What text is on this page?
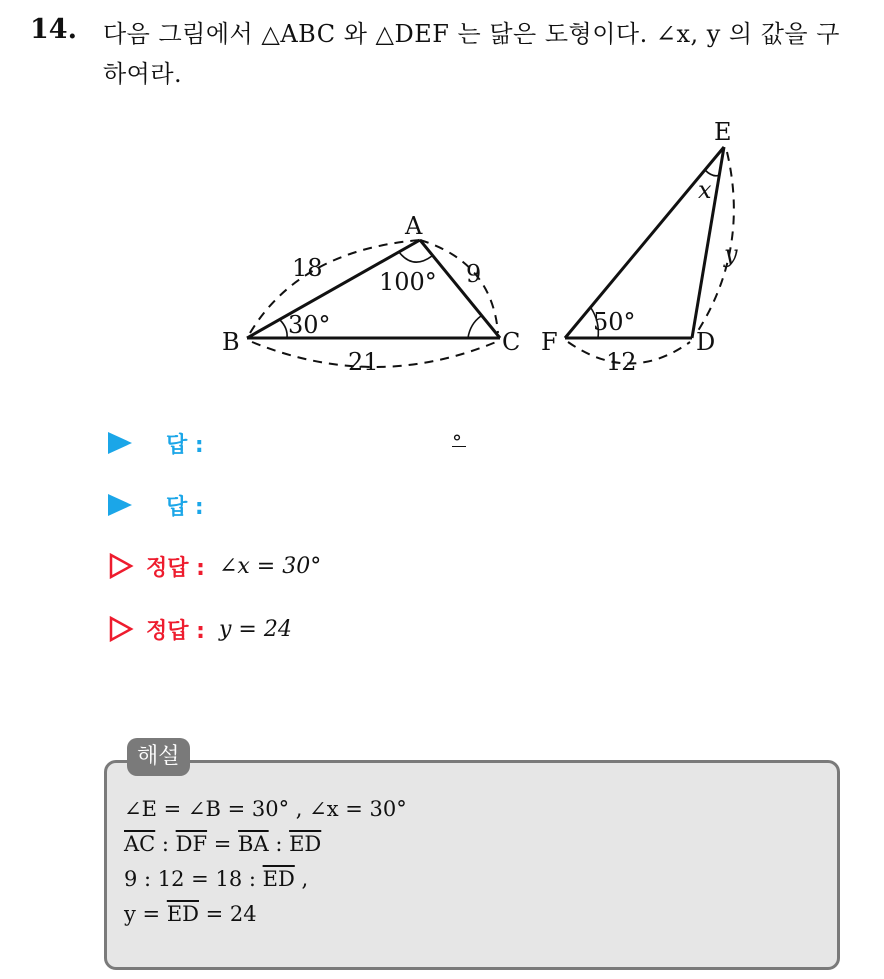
14. 다음 그림에서 △ABC 와 △DEF 는 닮은 도형이다. ∠x, y 의 값을 구하여라.
A
B	C
E
F	D
18	9
21
100°
30°
12
y
50°
x
답 :	°
답 :
정답 : ∠x = 30°
정답 : y = 24
해설
∠E = ∠B = 30° , ∠x = 30°
$\overline{AC}$ : $\overline{DF} = \overline{BA}$ : $\overline{ED}$
9 : 12 = 18 : $\overline{ED}$ ,
$y = \overline{ED} = 24$
